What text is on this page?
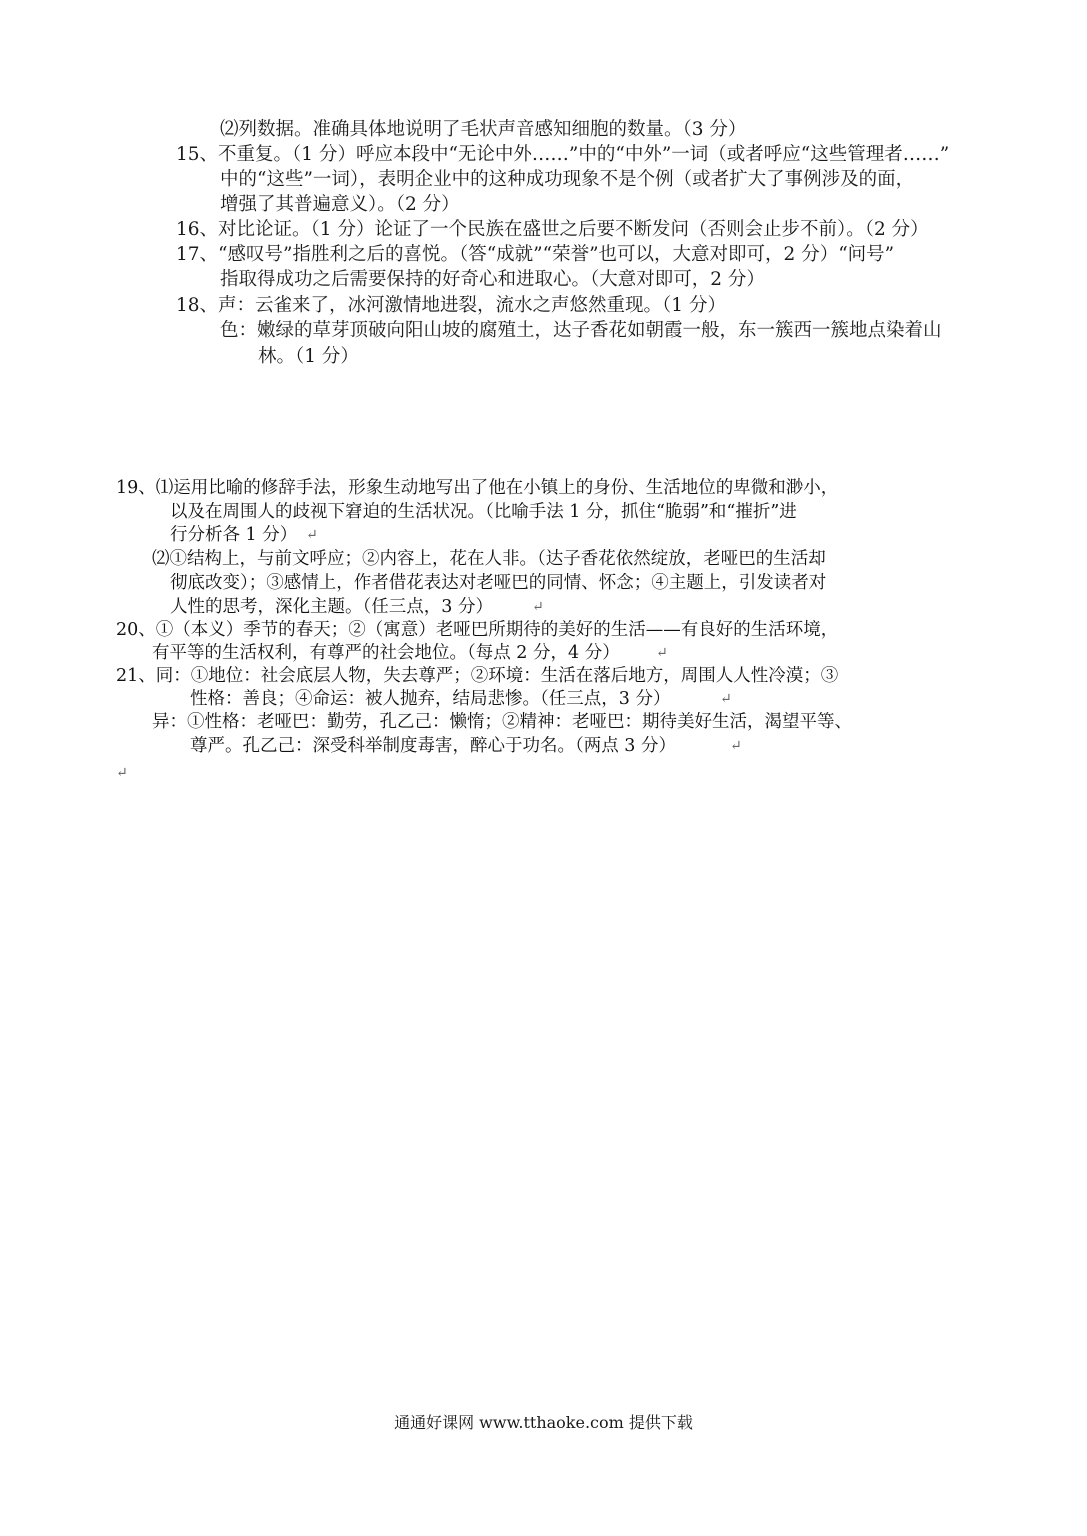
⑵列数据。准确具体地说明了毛状声音感知细胞的数量。（3 分）
15、不重复。（1 分）呼应本段中“无论中外……”中的“中外”一词（或者呼应“这些管理者……”
中的“这些”一词），表明企业中的这种成功现象不是个例（或者扩大了事例涉及的面，
增强了其普遍意义）。（2 分）
16、对比论证。（1 分）论证了一个民族在盛世之后要不断发问（否则会止步不前）。（2 分）
17、“感叹号”指胜利之后的喜悦。（答“成就”“荣誉”也可以，大意对即可，2 分）“问号”
指取得成功之后需要保持的好奇心和进取心。（大意对即可，2 分）
18、声：云雀来了，冰河激情地进裂，流水之声悠然重现。（1 分）
色：嫩绿的草芽顶破向阳山坡的腐殖土，达子香花如朝霞一般，东一簇西一簇地点染着山
林。（1 分）
19、⑴运用比喻的修辞手法，形象生动地写出了他在小镇上的身份、生活地位的卑微和渺小，
以及在周围人的歧视下窘迫的生活状况。（比喻手法 1 分，抓住“脆弱”和“摧折”进
行分析各 1 分） ↵
⑵①结构上，与前文呼应；②内容上，花在人非。（达子香花依然绽放，老哑巴的生活却
彻底改变）；③感情上，作者借花表达对老哑巴的同情、怀念；④主题上，引发读者对
人性的思考，深化主题。（任三点，3 分）	↵
20、①（本义）季节的春天；②（寓意）老哑巴所期待的美好的生活——有良好的生活环境，
有平等的生活权利，有尊严的社会地位。（每点 2 分，4 分）	↵
21、同：①地位：社会底层人物，失去尊严；②环境：生活在落后地方，周围人人性冷漠；③
性格：善良；④命运：被人抛弃，结局悲惨。（任三点，3 分）	↵
异：①性格：老哑巴：勤劳，孔乙己：懒惰；②精神：老哑巴：期待美好生活，渴望平等、
尊严。孔乙己：深受科举制度毒害，醉心于功名。（两点 3 分）	↵
↵
通通好课网 www.tthaoke.com 提供下载
